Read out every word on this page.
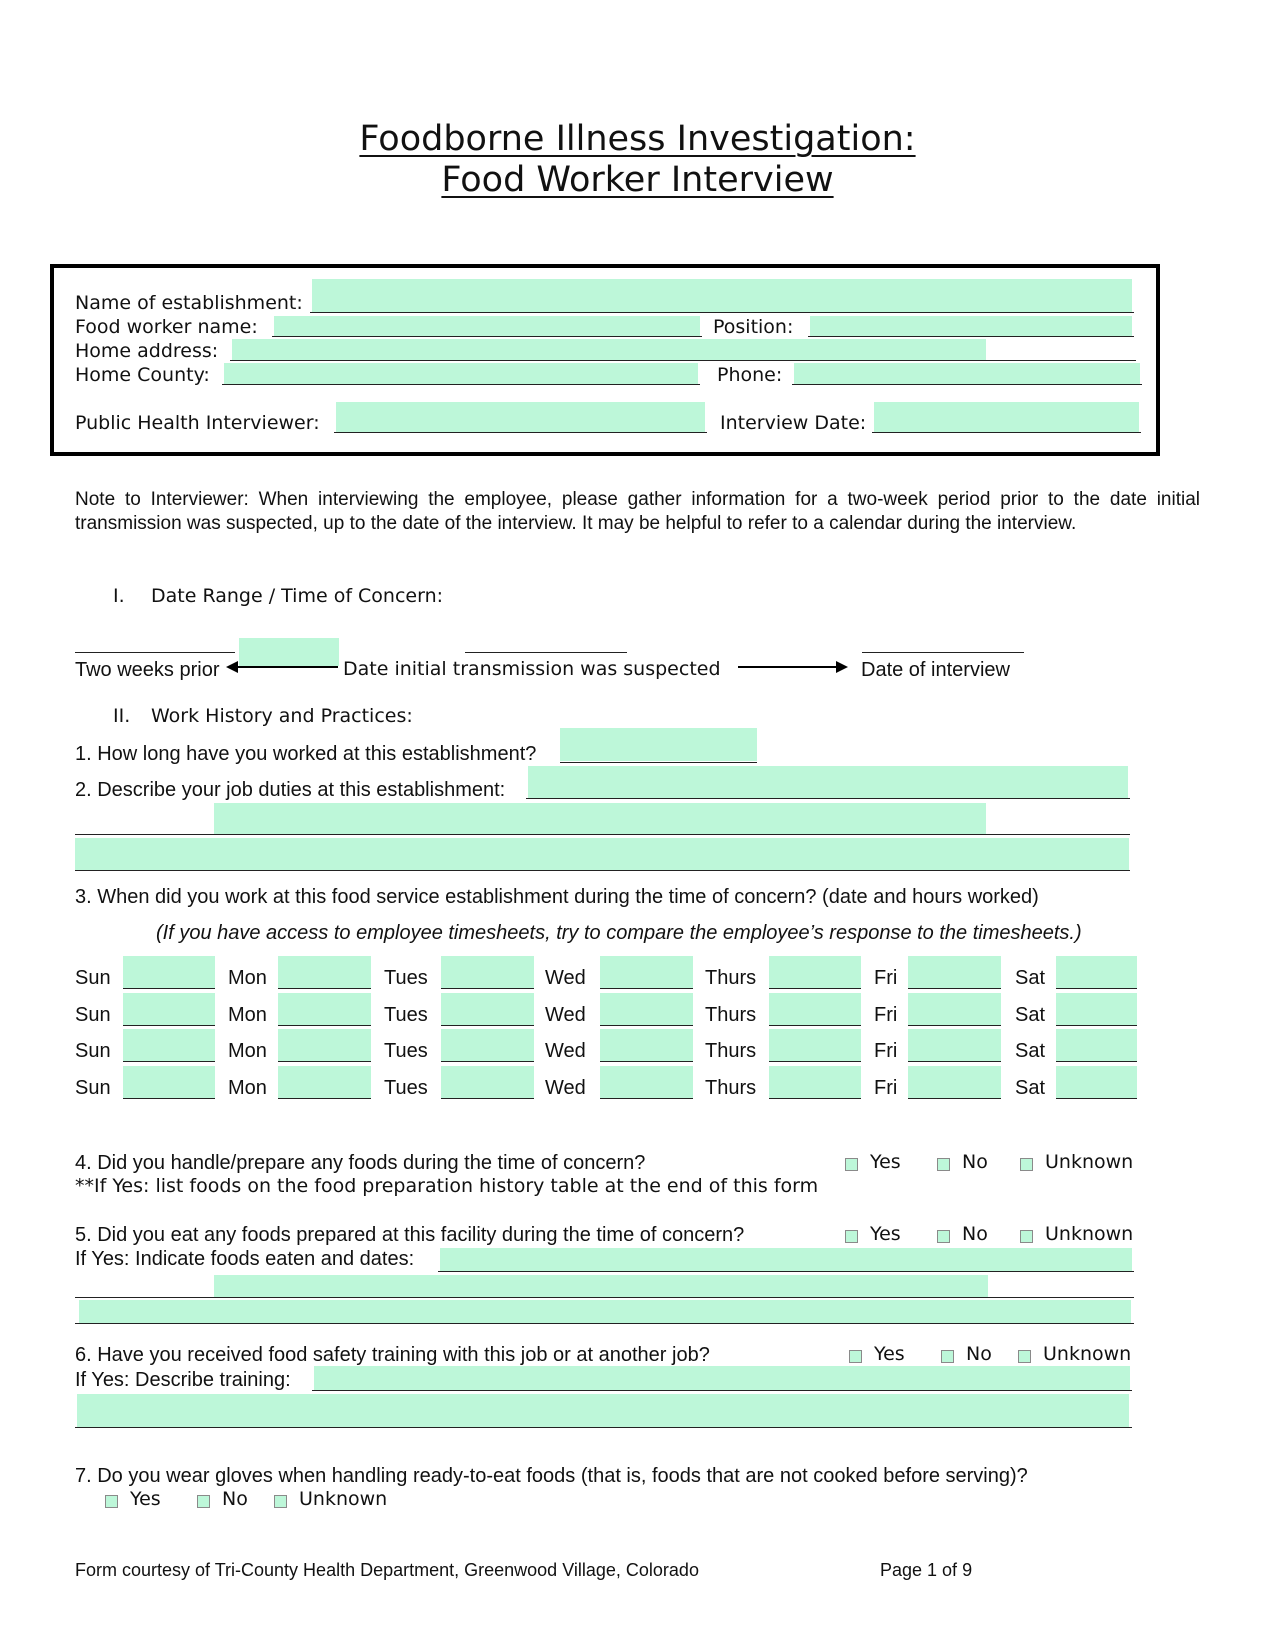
Foodborne Illness Investigation:
Food Worker Interview
Name of establishment:
Food worker name:	Position:
Home address:
Home County:	Phone:
Public Health Interviewer:	Interview Date:
Note to Interviewer: When interviewing the employee, please gather information for a two-week period prior to the date initial transmission was suspected, up to the date of the interview. It may be helpful to refer to a calendar during the interview.
I. Date Range / Time of Concern:
Two weeks prior	Date initial transmission was suspected	Date of interview
II. Work History and Practices:
1. How long have you worked at this establishment?
2. Describe your job duties at this establishment:
3. When did you work at this food service establishment during the time of concern? (date and hours worked)
(If you have access to employee timesheets, try to compare the employee’s response to the timesheets.)
Sun	Mon	Tues	Wed	Thurs	Fri	Sat
Sun	Mon	Tues	Wed	Thurs	Fri	Sat
Sun	Mon	Tues	Wed	Thurs	Fri	Sat
Sun	Mon	Tues	Wed	Thurs	Fri	Sat
4. Did you handle/prepare any foods during the time of concern?	Yes	No	Unknown
**If Yes: list foods on the food preparation history table at the end of this form
5. Did you eat any foods prepared at this facility during the time of concern?	Yes	No	Unknown
If Yes: Indicate foods eaten and dates:
6. Have you received food safety training with this job or at another job?	Yes	No	Unknown
If Yes: Describe training:
7. Do you wear gloves when handling ready-to-eat foods (that is, foods that are not cooked before serving)?
Yes	No	Unknown
Form courtesy of Tri-County Health Department, Greenwood Village, Colorado	Page 1 of 9
